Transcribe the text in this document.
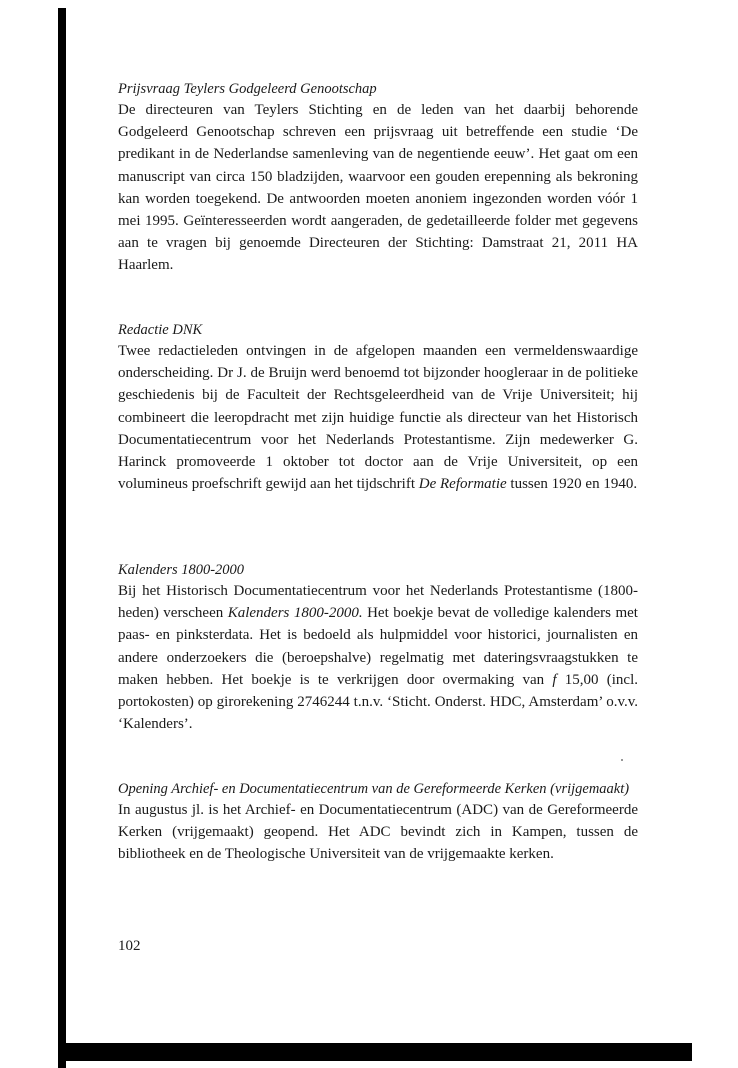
Prijsvraag Teylers Godgeleerd Genootschap

De directeuren van Teylers Stichting en de leden van het daarbij behorende Godgeleerd Genootschap schreven een prijsvraag uit betreffende een studie ‘De predikant in de Nederlandse samenleving van de negentiende eeuw’. Het gaat om een manuscript van circa 150 bladzijden, waarvoor een gouden erepenning als bekroning kan worden toegekend. De antwoorden moeten anoniem ingezonden worden vóór 1 mei 1995. Geïnteresseerden wordt aangeraden, de gedetailleerde folder met gegevens aan te vragen bij genoemde Directeuren der Stichting: Damstraat 21, 2011 HA Haarlem.

Redactie DNK

Twee redactieleden ontvingen in de afgelopen maanden een vermeldenswaardige onderscheiding. Dr J. de Bruijn werd benoemd tot bijzonder hoogleraar in de politieke geschiedenis bij de Faculteit der Rechtsgeleerdheid van de Vrije Universiteit; hij combineert die leeropdracht met zijn huidige functie als directeur van het Historisch Documentatiecentrum voor het Nederlands Protestantisme. Zijn medewerker G. Harinck promoveerde 1 oktober tot doctor aan de Vrije Universiteit, op een volumineus proefschrift gewijd aan het tijdschrift De Reformatie tussen 1920 en 1940.

Kalenders 1800-2000

Bij het Historisch Documentatiecentrum voor het Nederlands Protestantisme (1800-heden) verscheen Kalenders 1800-2000. Het boekje bevat de volledige kalenders met paas- en pinksterdata. Het is bedoeld als hulpmiddel voor historici, journalisten en andere onderzoekers die (beroepshalve) regelmatig met dateringsvraagstukken te maken hebben. Het boekje is te verkrijgen door overmaking van f 15,00 (incl. portokosten) op girorekening 2746244 t.n.v. ‘Sticht. Onderst. HDC, Amsterdam’ o.v.v. ‘Kalenders’.

Opening Archief- en Documentatiecentrum van de Gereformeerde Kerken (vrijgemaakt)

In augustus jl. is het Archief- en Documentatiecentrum (ADC) van de Gereformeerde Kerken (vrijgemaakt) geopend. Het ADC bevindt zich in Kampen, tussen de bibliotheek en de Theologische Universiteit van de vrijgemaakte kerken.

102
